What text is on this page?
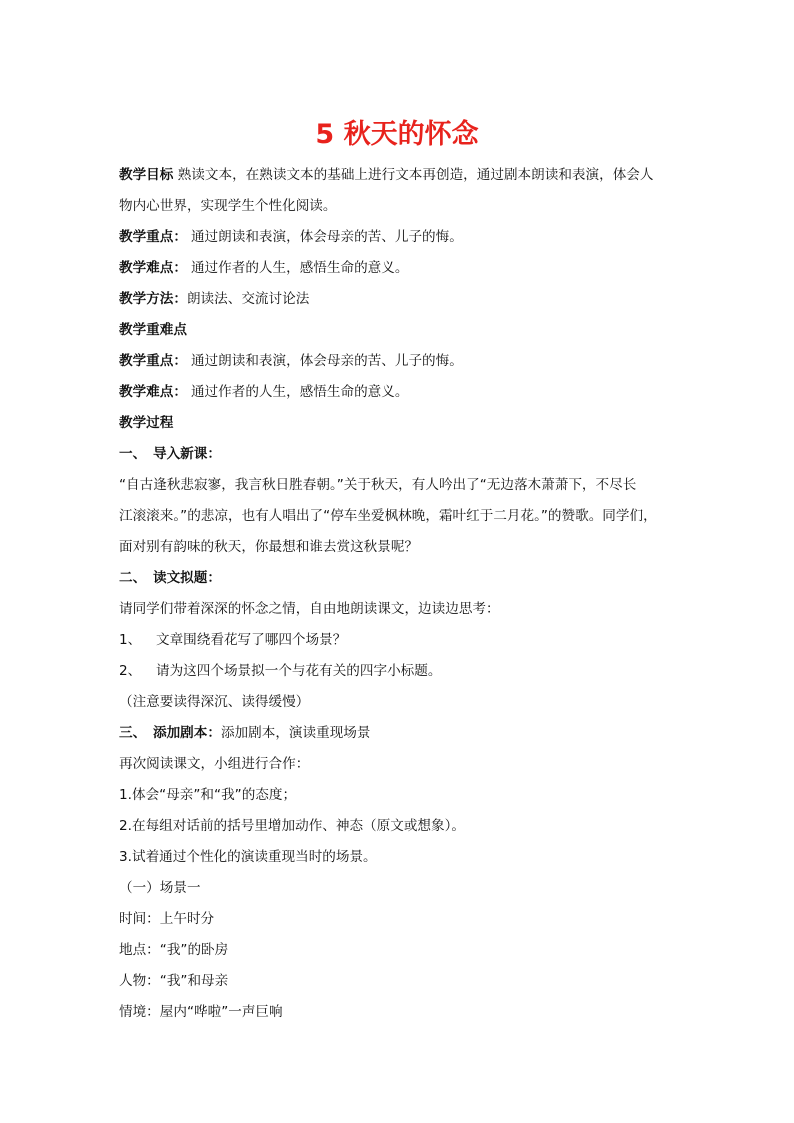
5 秋天的怀念

教学目标 熟读文本，在熟读文本的基础上进行文本再创造，通过剧本朗读和表演，体会人

物内心世界，实现学生个性化阅读。

教学重点： 通过朗读和表演，体会母亲的苦、儿子的悔。

教学难点： 通过作者的人生，感悟生命的意义。

教学方法：朗读法、交流讨论法

教学重难点

教学重点： 通过朗读和表演，体会母亲的苦、儿子的悔。

教学难点： 通过作者的人生，感悟生命的意义。

教学过程

一、　导入新课：

“自古逢秋悲寂寥，我言秋日胜春朝。”关于秋天，有人吟出了“无边落木萧萧下，不尽长

江滚滚来。”的悲凉，也有人唱出了“停车坐爱枫林晚，霜叶红于二月花。”的赞歌。同学们，

面对别有韵味的秋天，你最想和谁去赏这秋景呢？

二、　读文拟题：

请同学们带着深深的怀念之情，自由地朗读课文，边读边思考：

1、 文章围绕看花写了哪四个场景？

2、 请为这四个场景拟一个与花有关的四字小标题。

（注意要读得深沉、读得缓慢）

三、　添加剧本：添加剧本，演读重现场景

再次阅读课文，小组进行合作：

1.体会“母亲”和“我”的态度；

2.在每组对话前的括号里增加动作、神态（原文或想象）。

3.试着通过个性化的演读重现当时的场景。

（一）场景一

时间：上午时分

地点：“我”的卧房

人物：“我”和母亲

情境：屋内“哗啦”一声巨响
